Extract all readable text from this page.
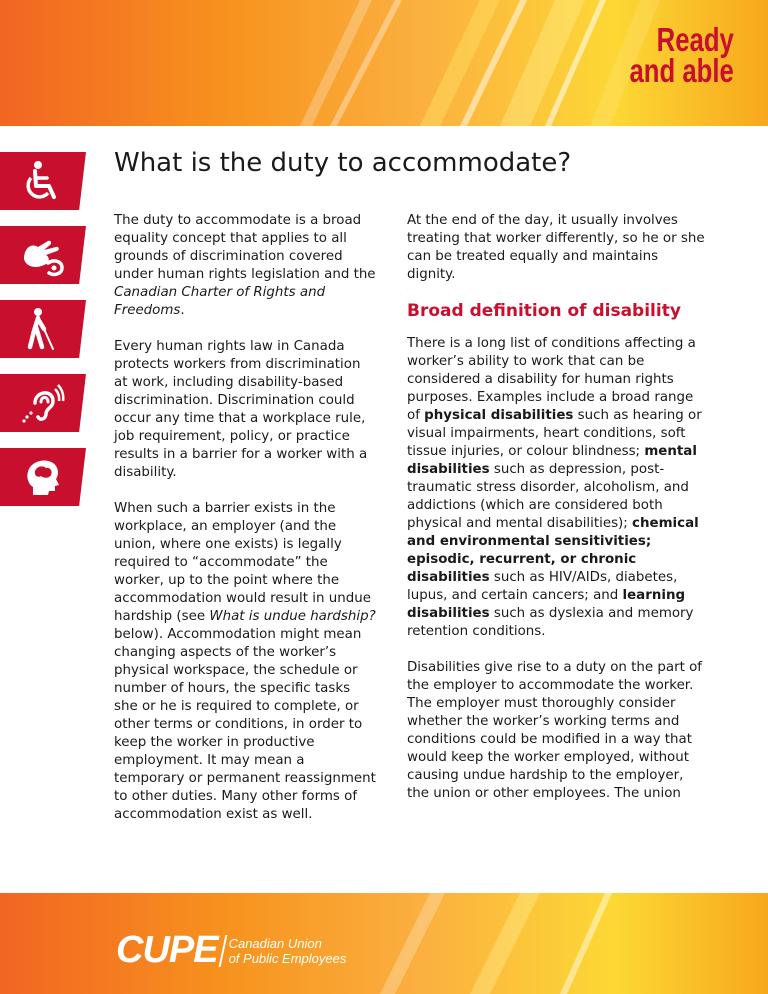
Ready
and able
What is the duty to accommodate?

The duty to accommodate is a broad equality concept that applies to all grounds of discrimination covered under human rights legislation and the Canadian Charter of Rights and Freedoms.

Every human rights law in Canada protects workers from discrimination at work, including disability-based discrimination. Discrimination could occur any time that a workplace rule, job requirement, policy, or practice results in a barrier for a worker with a disability.

When such a barrier exists in the workplace, an employer (and the union, where one exists) is legally required to “accommodate” the worker, up to the point where the accommodation would result in undue hardship (see What is undue hardship? below). Accommodation might mean changing aspects of the worker’s physical workspace, the schedule or number of hours, the specific tasks she or he is required to complete, or other terms or conditions, in order to keep the worker in productive employment. It may mean a temporary or permanent reassignment to other duties. Many other forms of accommodation exist as well.

At the end of the day, it usually involves treating that worker differently, so he or she can be treated equally and maintains dignity.

Broad definition of disability

There is a long list of conditions affecting a worker’s ability to work that can be considered a disability for human rights purposes. Examples include a broad range of physical disabilities such as hearing or visual impairments, heart conditions, soft tissue injuries, or colour blindness; mental disabilities such as depression, post-traumatic stress disorder, alcoholism, and addictions (which are considered both physical and mental disabilities); chemical and environmental sensitivities; episodic, recurrent, or chronic disabilities such as HIV/AIDs, diabetes, lupus, and certain cancers; and learning disabilities such as dyslexia and memory retention conditions.

Disabilities give rise to a duty on the part of the employer to accommodate the worker. The employer must thoroughly consider whether the worker’s working terms and conditions could be modified in a way that would keep the worker employed, without causing undue hardship to the employer, the union or other employees. The union

CUPE Canadian Union
of Public Employees
